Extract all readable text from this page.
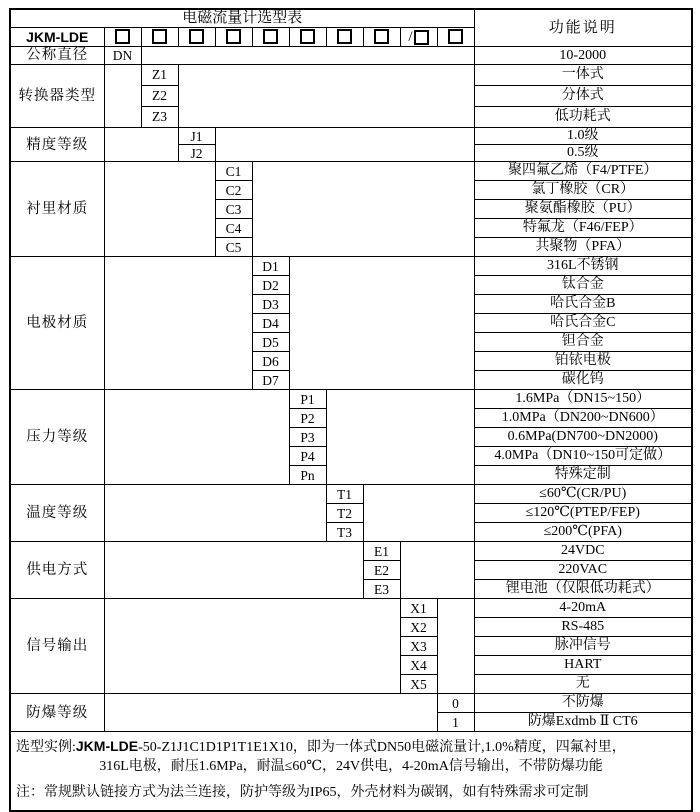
电磁流量计选型表											功能说明
JKM-LDE									/		
公称直径	DN										10-2000
转换器类型		Z1									一体式
		Z2									分体式
		Z3									低功耗式
精度等级			J1								1.0级
			J2								0.5级
衬里材质				C1							聚四氟乙烯（F4/PTFE）
				C2							氯丁橡胶（CR）
				C3							聚氨酯橡胶（PU）
				C4							特氟龙（F46/FEP）
				C5							共聚物（PFA）
电极材质					D1						316L不锈钢
					D2						钛合金
					D3						哈氏合金B
					D4						哈氏合金C
					D5						钽合金
					D6						铂铱电极
					D7						碳化钨
压力等级						P1					1.6MPa（DN15~150）
						P2					1.0MPa（DN200~DN600）
						P3					0.6MPa(DN700~DN2000)
						P4					4.0MPa（DN10~150可定做）
						Pn					特殊定制
温度等级							T1				≤60℃(CR/PU)
							T2				≤120℃(PTEP/FEP)
							T3				≤200℃(PFA)
供电方式								E1			24VDC
								E2			220VAC
								E3			锂电池（仅限低功耗式）
信号输出									X1		4-20mA
									X2		RS-485
									X3		脉冲信号
									X4		HART
									X5		无
防爆等级										0	不防爆
										1	防爆Exdmb Ⅱ CT6

选型实例:JKM-LDE-50-Z1J1C1D1P1T1E1X10，即为一体式DN50电磁流量计,1.0%精度，四氟衬里，
316L电极，耐压1.6MPa，耐温≤60℃，24V供电，4-20mA信号输出，不带防爆功能
注：常规默认链接方式为法兰连接，防护等级为IP65，外壳材料为碳钢，如有特殊需求可定制											
